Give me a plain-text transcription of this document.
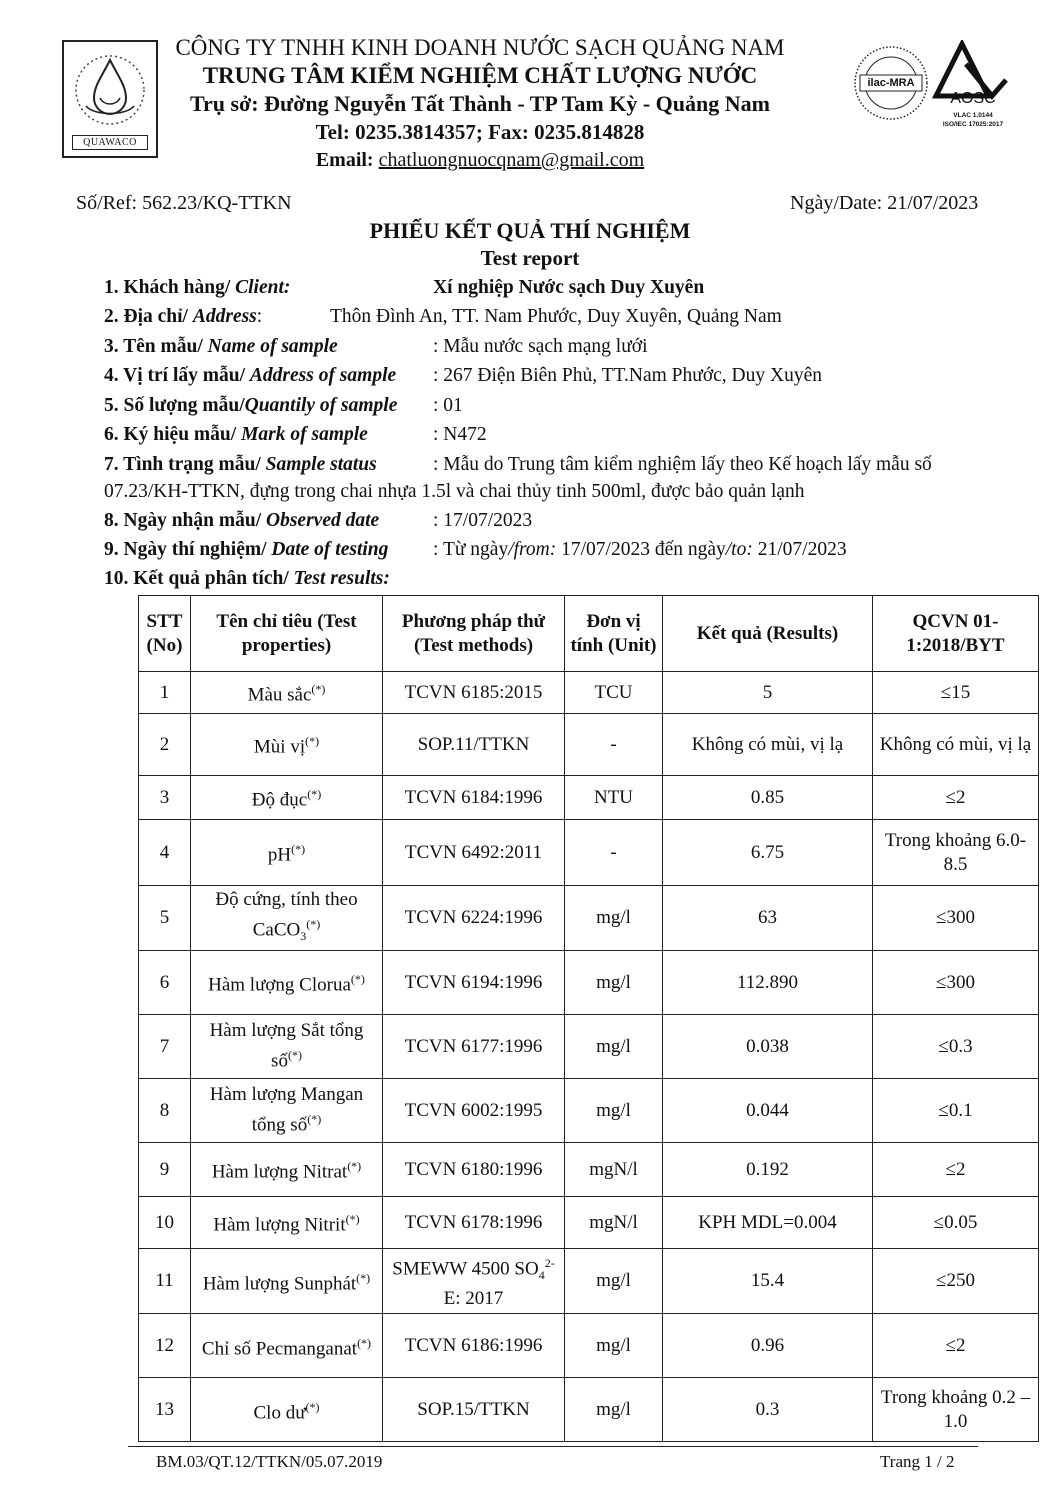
QUAWACO
CÔNG TY TNHH KINH DOANH NƯỚC SẠCH QUẢNG NAM
TRUNG TÂM KIỂM NGHIỆM CHẤT LƯỢNG NƯỚC
Trụ sở: Đường Nguyễn Tất Thành - TP Tam Kỳ - Quảng Nam
Tel: 0235.3814357; Fax: 0235.814828
Email: chatluongnuocqnam@gmail.com
ilac-MRA
AOSC
VLAC 1.0144
ISO/IEC 17025:2017
Số/Ref: 562.23/KQ-TTKN	Ngày/Date: 21/07/2023
PHIẾU KẾT QUẢ THÍ NGHIỆM
Test report
1. Khách hàng/ Client:	Xí nghiệp Nước sạch Duy Xuyên
2. Địa chỉ/ Address:	Thôn Đình An, TT. Nam Phước, Duy Xuyên, Quảng Nam
3. Tên mẫu/ Name of sample	: Mẫu nước sạch mạng lưới
4. Vị trí lấy mẫu/ Address of sample : 267 Điện Biên Phủ, TT.Nam Phước, Duy Xuyên
5. Số lượng mẫu/Quantily of sample : 01
6. Ký hiệu mẫu/ Mark of sample	: N472
7. Tình trạng mẫu/ Sample status	: Mẫu do Trung tâm kiểm nghiệm lấy theo Kế hoạch lấy mẫu số
07.23/KH-TTKN, đựng trong chai nhựa 1.5l và chai thủy tinh 500ml, được bảo quản lạnh
8. Ngày nhận mẫu/ Observed date	: 17/07/2023
9. Ngày thí nghiệm/ Date of testing : Từ ngày/from: 17/07/2023 đến ngày/to: 21/07/2023
10. Kết quả phân tích/ Test results:
STT (No)	Tên chỉ tiêu (Test properties)	Phương pháp thử (Test methods)	Đơn vị tính (Unit)	Kết quả (Results)	QCVN 01-1:2018/BYT
1	Màu sắc(*)	TCVN 6185:2015	TCU	5	≤15
2	Mùi vị(*)	SOP.11/TTKN	-	Không có mùi, vị lạ	Không có mùi, vị lạ
3	Độ đục(*)	TCVN 6184:1996	NTU	0.85	≤2
4	pH(*)	TCVN 6492:2011	-	6.75	Trong khoảng 6.0-8.5
5	Độ cứng, tính theo CaCO$_3$(*)	TCVN 6224:1996	mg/l	63	≤300
6	Hàm lượng Clorua(*)	TCVN 6194:1996	mg/l	112.890	≤300
7	Hàm lượng Sắt tổng số(*)	TCVN 6177:1996	mg/l	0.038	≤0.3
8	Hàm lượng Mangan tổng số(*)	TCVN 6002:1995	mg/l	0.044	≤0.1
9	Hàm lượng Nitrat(*)	TCVN 6180:1996	mgN/l	0.192	≤2
10	Hàm lượng Nitrit(*)	TCVN 6178:1996	mgN/l	KPH MDL=0.004	≤0.05
11	Hàm lượng Sunphát(*)	SMEWW 4500 $SO_4^{2-}$ E: 2017	mg/l	15.4	≤250
12	Chỉ số Pecmanganat(*)	TCVN 6186:1996	mg/l	0.96	≤2
13	Clo dư(*)	SOP.15/TTKN	mg/l	0.3	Trong khoảng 0.2 – 1.0
BM.03/QT.12/TTKN/05.07.2019	Trang 1 / 2
